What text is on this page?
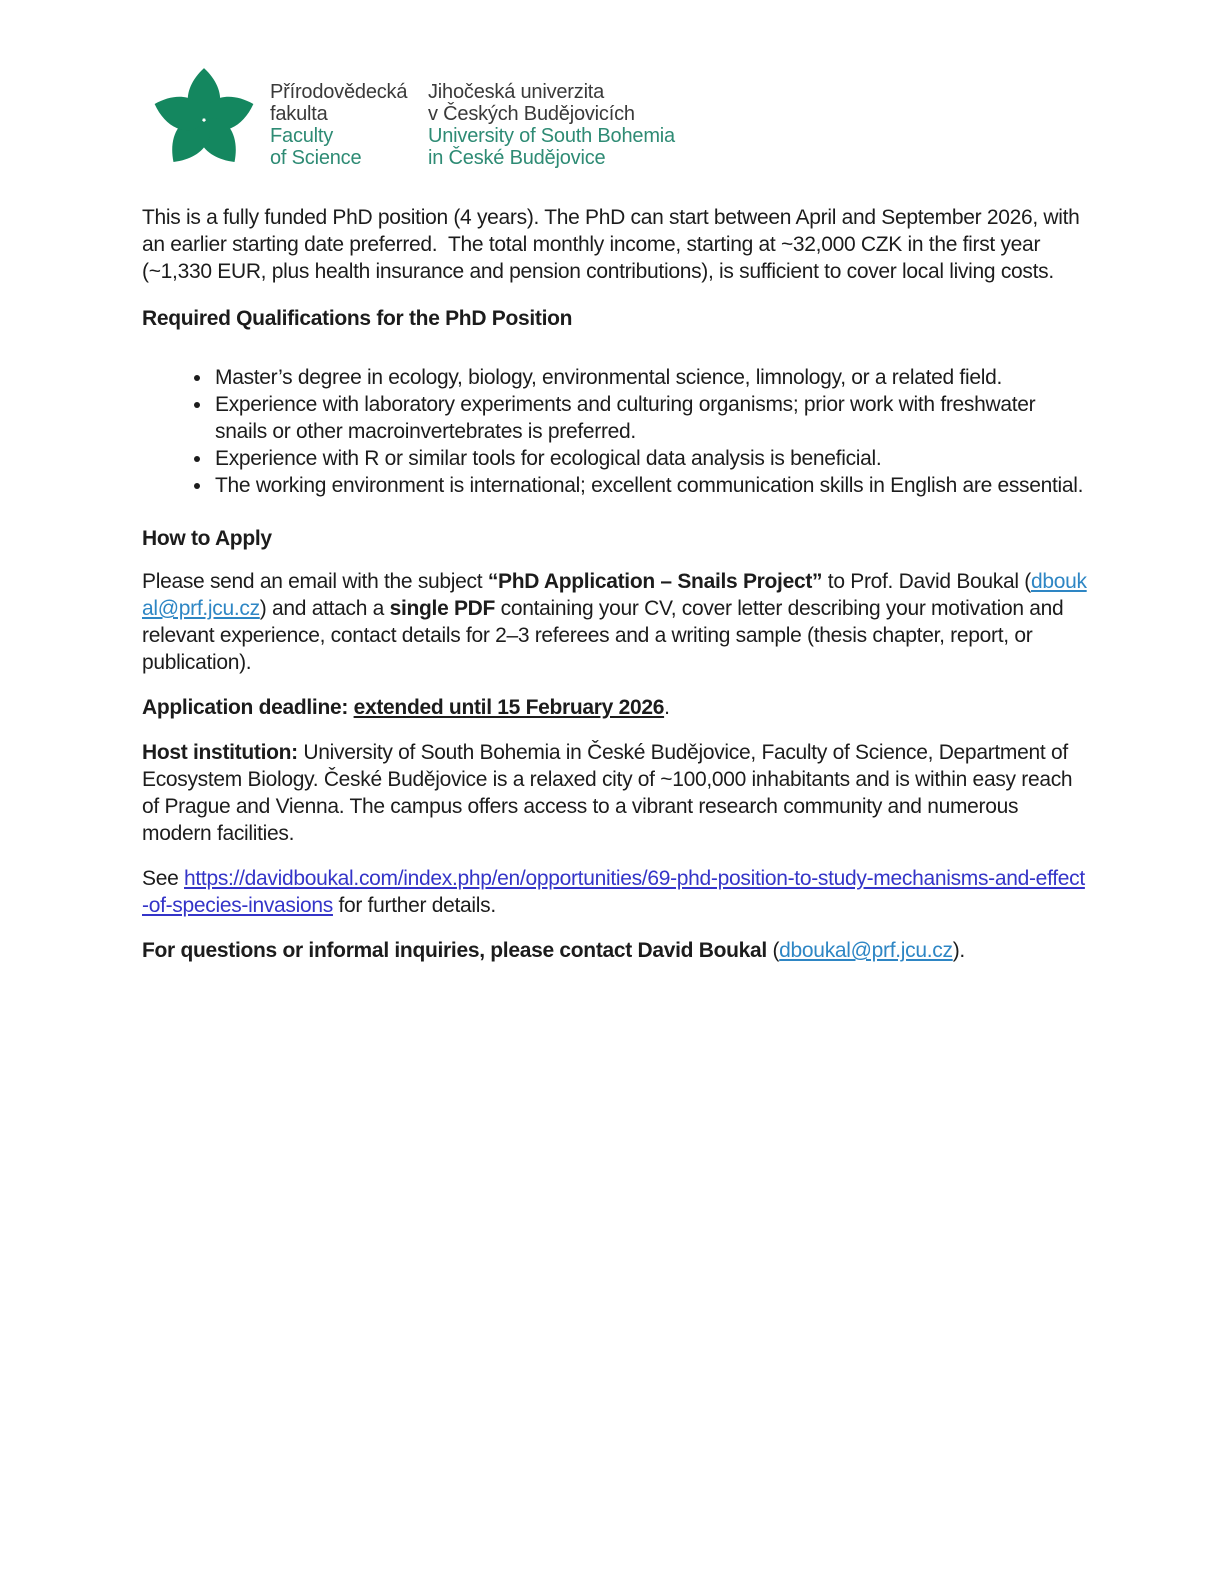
Přírodovědecká
fakulta
Faculty
of Science
Jihočeská univerzita
v Českých Budějovicích
University of South Bohemia
in České Budějovice

This is a fully funded PhD position (4 years). The PhD can start between April and September 2026, with an earlier starting date preferred.  The total monthly income, starting at ~32,000 CZK in the first year (~1,330 EUR, plus health insurance and pension contributions), is sufficient to cover local living costs.

Required Qualifications for the PhD Position
• Master’s degree in ecology, biology, environmental science, limnology, or a related field.
• Experience with laboratory experiments and culturing organisms; prior work with freshwater snails or other macroinvertebrates is preferred.
• Experience with R or similar tools for ecological data analysis is beneficial.
• The working environment is international; excellent communication skills in English are essential.
How to Apply

Please send an email with the subject “PhD Application – Snails Project” to Prof. David Boukal (dboukal@prf.jcu.cz) and attach a single PDF containing your CV, cover letter describing your motivation and relevant experience, contact details for 2–3 referees and a writing sample (thesis chapter, report, or publication).

Application deadline: extended until 15 February 2026.

Host institution: University of South Bohemia in České Budějovice, Faculty of Science, Department of Ecosystem Biology. České Budějovice is a relaxed city of ~100,000 inhabitants and is within easy reach of Prague and Vienna. The campus offers access to a vibrant research community and numerous modern facilities.

See https://davidboukal.com/index.php/en/opportunities/69-phd-position-to-study-mechanisms-and-effect-of-species-invasions for further details.

For questions or informal inquiries, please contact David Boukal (dboukal@prf.jcu.cz).
